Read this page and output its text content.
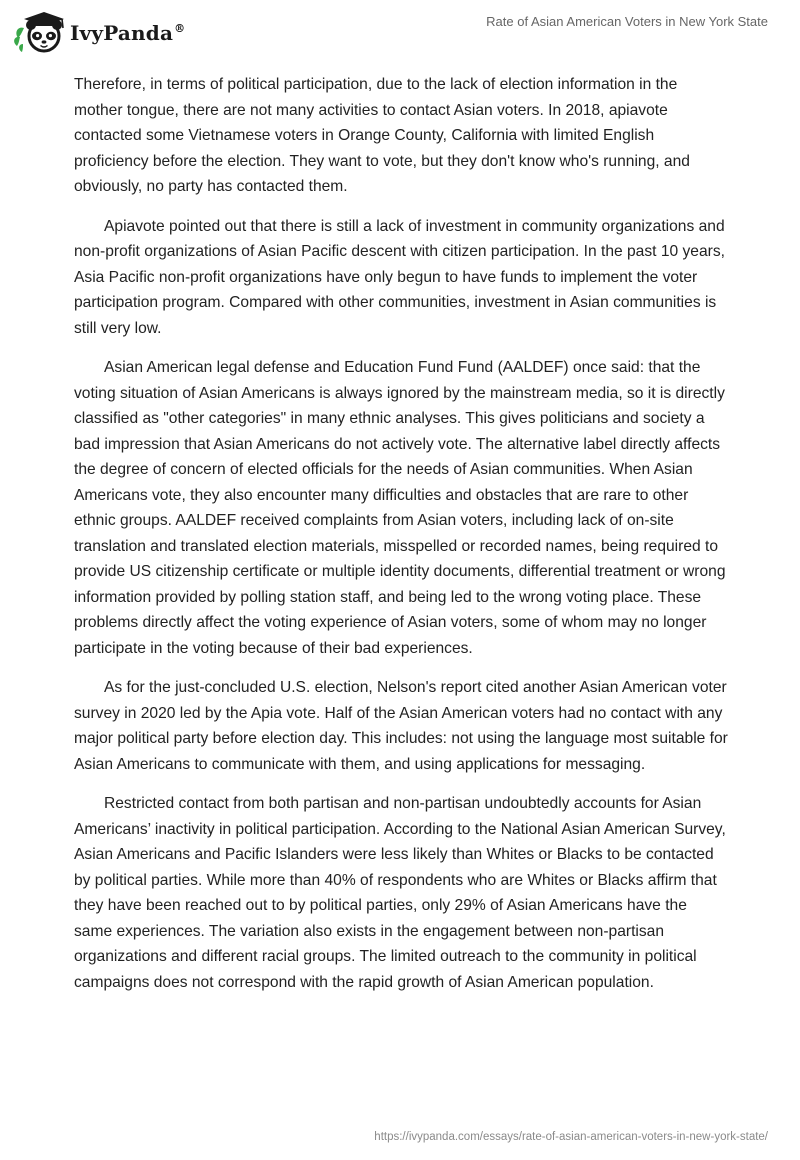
IvyPanda®	Rate of Asian American Voters in New York State

Therefore, in terms of political participation, due to the lack of election information in the mother tongue, there are not many activities to contact Asian voters. In 2018, apiavote contacted some Vietnamese voters in Orange County, California with limited English proficiency before the election. They want to vote, but they don't know who's running, and obviously, no party has contacted them.

Apiavote pointed out that there is still a lack of investment in community organizations and non-profit organizations of Asian Pacific descent with citizen participation. In the past 10 years, Asia Pacific non-profit organizations have only begun to have funds to implement the voter participation program. Compared with other communities, investment in Asian communities is still very low.

Asian American legal defense and Education Fund Fund (AALDEF) once said: that the voting situation of Asian Americans is always ignored by the mainstream media, so it is directly classified as "other categories" in many ethnic analyses. This gives politicians and society a bad impression that Asian Americans do not actively vote. The alternative label directly affects the degree of concern of elected officials for the needs of Asian communities. When Asian Americans vote, they also encounter many difficulties and obstacles that are rare to other ethnic groups. AALDEF received complaints from Asian voters, including lack of on-site translation and translated election materials, misspelled or recorded names, being required to provide US citizenship certificate or multiple identity documents, differential treatment or wrong information provided by polling station staff, and being led to the wrong voting place. These problems directly affect the voting experience of Asian voters, some of whom may no longer participate in the voting because of their bad experiences.

As for the just-concluded U.S. election, Nelson's report cited another Asian American voter survey in 2020 led by the Apia vote. Half of the Asian American voters had no contact with any major political party before election day. This includes: not using the language most suitable for Asian Americans to communicate with them, and using applications for messaging.

Restricted contact from both partisan and non-partisan undoubtedly accounts for Asian Americans’ inactivity in political participation. According to the National Asian American Survey, Asian Americans and Pacific Islanders were less likely than Whites or Blacks to be contacted by political parties. While more than 40% of respondents who are Whites or Blacks affirm that they have been reached out to by political parties, only 29% of Asian Americans have the same experiences. The variation also exists in the engagement between non-partisan organizations and different racial groups. The limited outreach to the community in political campaigns does not correspond with the rapid growth of Asian American population.

https://ivypanda.com/essays/rate-of-asian-american-voters-in-new-york-state/
